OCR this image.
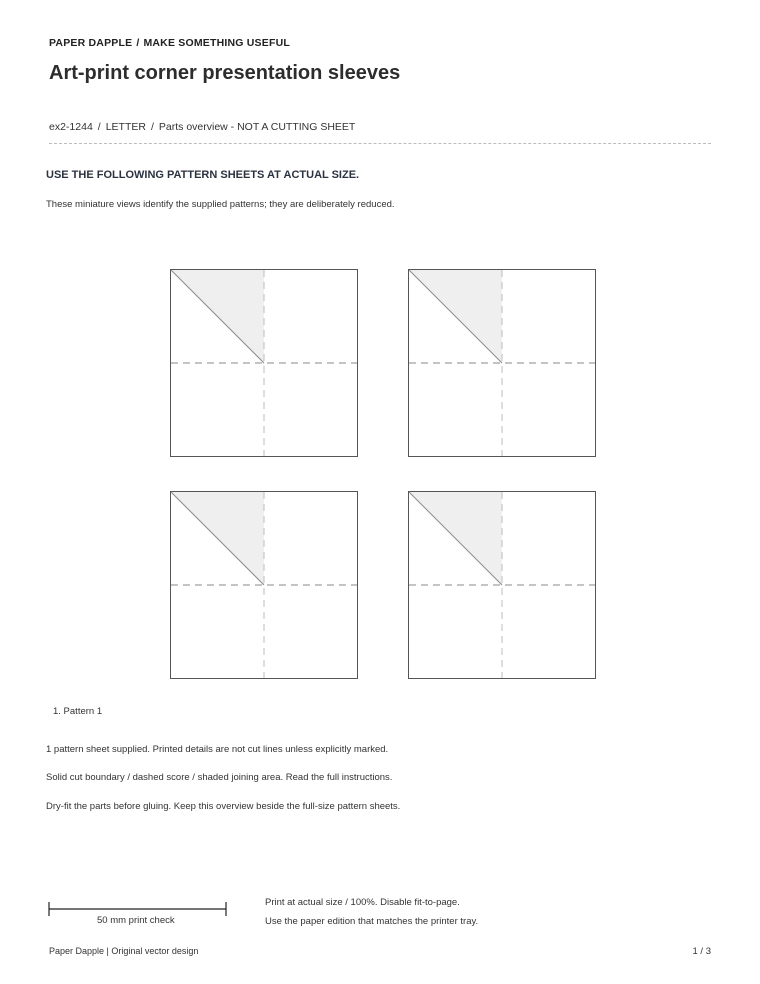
PAPER DAPPLE / MAKE SOMETHING USEFUL
Art-print corner presentation sleeves
ex2-1244 / LETTER / Parts overview - NOT A CUTTING SHEET
USE THE FOLLOWING PATTERN SHEETS AT ACTUAL SIZE.
These miniature views identify the supplied patterns; they are deliberately reduced.
1. Pattern 1
1 pattern sheet supplied. Printed details are not cut lines unless explicitly marked.
Solid cut boundary / dashed score / shaded joining area. Read the full instructions.
Dry-fit the parts before gluing. Keep this overview beside the full-size pattern sheets.
50 mm print check
Print at actual size / 100%. Disable fit-to-page.
Use the paper edition that matches the printer tray.
Paper Dapple | Original vector design	1 / 3
